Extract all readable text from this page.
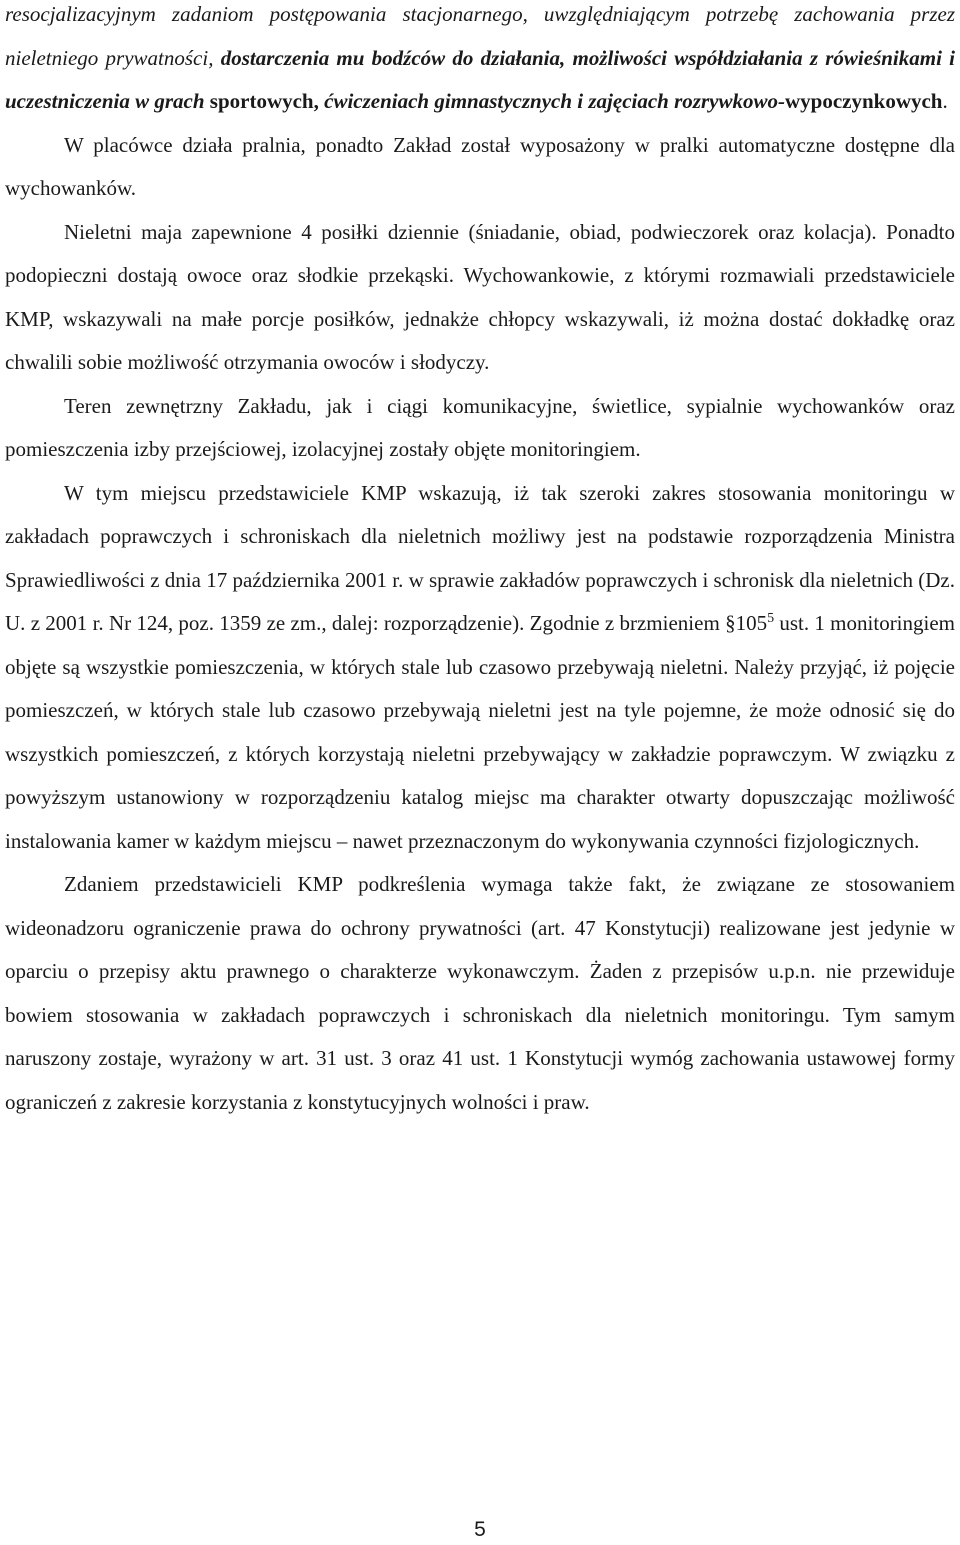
resocjalizacyjnym zadaniom postępowania stacjonarnego, uwzględniającym potrzebę zachowania przez nieletniego prywatności, dostarczenia mu bodźców do działania, możliwości współdziałania z rówieśnikami i uczestniczenia w grach sportowych, ćwiczeniach gimnastycznych i zajęciach rozrywkowo-wypoczynkowych.

W placówce działa pralnia, ponadto Zakład został wyposażony w pralki automatyczne dostępne dla wychowanków.

Nieletni maja zapewnione 4 posiłki dziennie (śniadanie, obiad, podwieczorek oraz kolacja). Ponadto podopieczni dostają owoce oraz słodkie przekąski. Wychowankowie, z którymi rozmawiali przedstawiciele KMP, wskazywali na małe porcje posiłków, jednakże chłopcy wskazywali, iż można dostać dokładkę oraz chwalili sobie możliwość otrzymania owoców i słodyczy.

Teren zewnętrzny Zakładu, jak i ciągi komunikacyjne, świetlice, sypialnie wychowanków oraz pomieszczenia izby przejściowej, izolacyjnej zostały objęte monitoringiem.

W tym miejscu przedstawiciele KMP wskazują, iż tak szeroki zakres stosowania monitoringu w zakładach poprawczych i schroniskach dla nieletnich możliwy jest na podstawie rozporządzenia Ministra Sprawiedliwości z dnia 17 października 2001 r. w sprawie zakładów poprawczych i schronisk dla nieletnich (Dz. U. z 2001 r. Nr 124, poz. 1359 ze zm., dalej: rozporządzenie). Zgodnie z brzmieniem $\S 105^5$ ust. 1 monitoringiem objęte są wszystkie pomieszczenia, w których stale lub czasowo przebywają nieletni. Należy przyjąć, iż pojęcie pomieszczeń, w których stale lub czasowo przebywają nieletni jest na tyle pojemne, że może odnosić się do wszystkich pomieszczeń, z których korzystają nieletni przebywający w zakładzie poprawczym. W związku z powyższym ustanowiony w rozporządzeniu katalog miejsc ma charakter otwarty dopuszczając możliwość instalowania kamer w każdym miejscu – nawet przeznaczonym do wykonywania czynności fizjologicznych.

Zdaniem przedstawicieli KMP podkreślenia wymaga także fakt, że związane ze stosowaniem wideonadzoru ograniczenie prawa do ochrony prywatności (art. 47 Konstytucji) realizowane jest jedynie w oparciu o przepisy aktu prawnego o charakterze wykonawczym. Żaden z przepisów u.p.n. nie przewiduje bowiem stosowania w zakładach poprawczych i schroniskach dla nieletnich monitoringu. Tym samym naruszony zostaje, wyrażony w art. 31 ust. 3 oraz 41 ust. 1 Konstytucji wymóg zachowania ustawowej formy ograniczeń z zakresie korzystania z konstytucyjnych wolności i praw.

5
